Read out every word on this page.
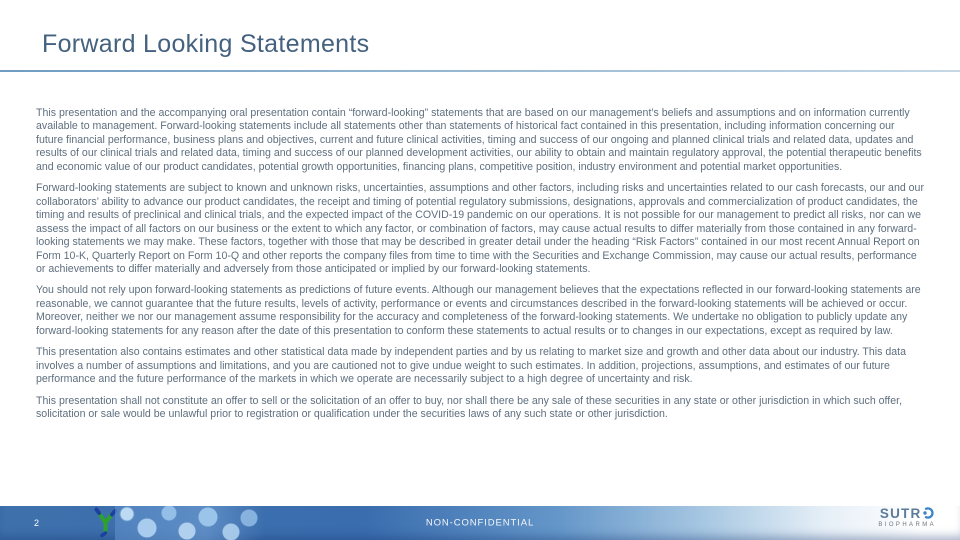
Forward Looking Statements

This presentation and the accompanying oral presentation contain “forward-looking” statements that are based on our management’s beliefs and assumptions and on information currently available to management. Forward-looking statements include all statements other than statements of historical fact contained in this presentation, including information concerning our future financial performance, business plans and objectives, current and future clinical activities, timing and success of our ongoing and planned clinical trials and related data, updates and results of our clinical trials and related data, timing and success of our planned development activities, our ability to obtain and maintain regulatory approval, the potential therapeutic benefits and economic value of our product candidates, potential growth opportunities, financing plans, competitive position, industry environment and potential market opportunities.

Forward-looking statements are subject to known and unknown risks, uncertainties, assumptions and other factors, including risks and uncertainties related to our cash forecasts, our and our collaborators’ ability to advance our product candidates, the receipt and timing of potential regulatory submissions, designations, approvals and commercialization of product candidates, the timing and results of preclinical and clinical trials, and the expected impact of the COVID-19 pandemic on our operations. It is not possible for our management to predict all risks, nor can we assess the impact of all factors on our business or the extent to which any factor, or combination of factors, may cause actual results to differ materially from those contained in any forward-looking statements we may make. These factors, together with those that may be described in greater detail under the heading “Risk Factors” contained in our most recent Annual Report on Form 10-K, Quarterly Report on Form 10-Q and other reports the company files from time to time with the Securities and Exchange Commission, may cause our actual results, performance or achievements to differ materially and adversely from those anticipated or implied by our forward-looking statements.

You should not rely upon forward-looking statements as predictions of future events. Although our management believes that the expectations reflected in our forward-looking statements are reasonable, we cannot guarantee that the future results, levels of activity, performance or events and circumstances described in the forward-looking statements will be achieved or occur. Moreover, neither we nor our management assume responsibility for the accuracy and completeness of the forward-looking statements. We undertake no obligation to publicly update any forward-looking statements for any reason after the date of this presentation to conform these statements to actual results or to changes in our expectations, except as required by law.

This presentation also contains estimates and other statistical data made by independent parties and by us relating to market size and growth and other data about our industry. This data involves a number of assumptions and limitations, and you are cautioned not to give undue weight to such estimates. In addition, projections, assumptions, and estimates of our future performance and the future performance of the markets in which we operate are necessarily subject to a high degree of uncertainty and risk.

This presentation shall not constitute an offer to sell or the solicitation of an offer to buy, nor shall there be any sale of these securities in any state or other jurisdiction in which such offer, solicitation or sale would be unlawful prior to registration or qualification under the securities laws of any such state or other jurisdiction.

2	NON-CONFIDENTIAL
SUTR
BIOPHARMA
